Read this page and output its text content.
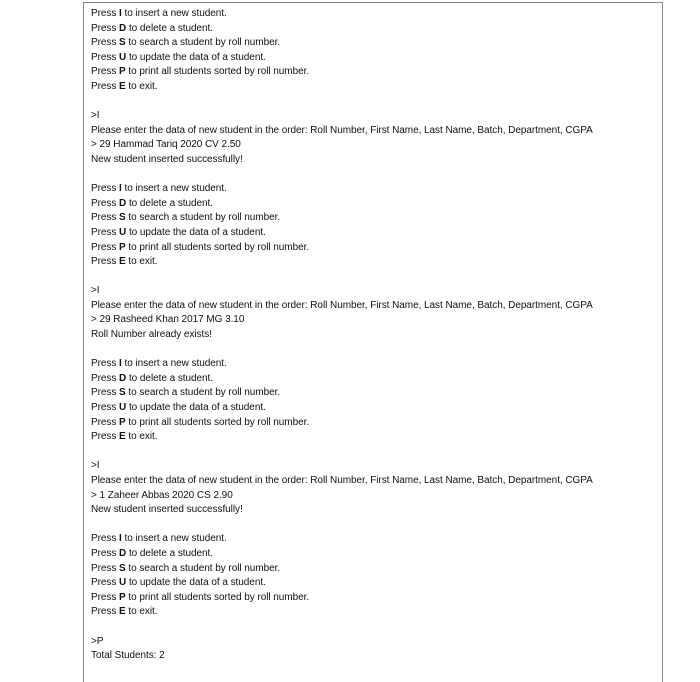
Press I to insert a new student.
Press D to delete a student.
Press S to search a student by roll number.
Press U to update the data of a student.
Press P to print all students sorted by roll number.
Press E to exit.
>I
Please enter the data of new student in the order: Roll Number, First Name, Last Name, Batch, Department, CGPA
> 29 Hammad Tariq 2020 CV 2.50
New student inserted successfully!
Press I to insert a new student.
Press D to delete a student.
Press S to search a student by roll number.
Press U to update the data of a student.
Press P to print all students sorted by roll number.
Press E to exit.
>I
Please enter the data of new student in the order: Roll Number, First Name, Last Name, Batch, Department, CGPA
> 29 Rasheed Khan 2017 MG 3.10
Roll Number already exists!
Press I to insert a new student.
Press D to delete a student.
Press S to search a student by roll number.
Press U to update the data of a student.
Press P to print all students sorted by roll number.
Press E to exit.
>I
Please enter the data of new student in the order: Roll Number, First Name, Last Name, Batch, Department, CGPA
> 1 Zaheer Abbas 2020 CS 2.90
New student inserted successfully!
Press I to insert a new student.
Press D to delete a student.
Press S to search a student by roll number.
Press U to update the data of a student.
Press P to print all students sorted by roll number.
Press E to exit.
>P
Total Students: 2
